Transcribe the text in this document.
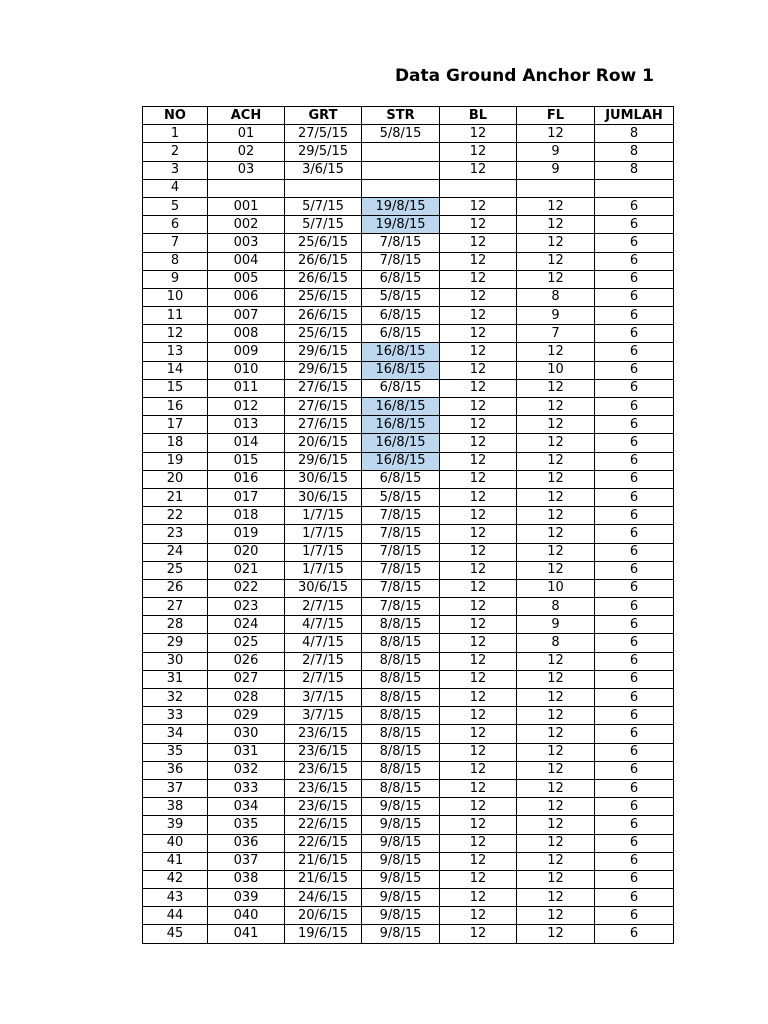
Data Ground Anchor Row 1
NO	ACH	GRT	STR	BL	FL	JUMLAH
1	01	27/5/15	5/8/15	12	12	8
2	02	29/5/15		12	9	8
3	03	3/6/15		12	9	8
4						
5	001	5/7/15	19/8/15	12	12	6
6	002	5/7/15	19/8/15	12	12	6
7	003	25/6/15	7/8/15	12	12	6
8	004	26/6/15	7/8/15	12	12	6
9	005	26/6/15	6/8/15	12	12	6
10	006	25/6/15	5/8/15	12	8	6
11	007	26/6/15	6/8/15	12	9	6
12	008	25/6/15	6/8/15	12	7	6
13	009	29/6/15	16/8/15	12	12	6
14	010	29/6/15	16/8/15	12	10	6
15	011	27/6/15	6/8/15	12	12	6
16	012	27/6/15	16/8/15	12	12	6
17	013	27/6/15	16/8/15	12	12	6
18	014	20/6/15	16/8/15	12	12	6
19	015	29/6/15	16/8/15	12	12	6
20	016	30/6/15	6/8/15	12	12	6
21	017	30/6/15	5/8/15	12	12	6
22	018	1/7/15	7/8/15	12	12	6
23	019	1/7/15	7/8/15	12	12	6
24	020	1/7/15	7/8/15	12	12	6
25	021	1/7/15	7/8/15	12	12	6
26	022	30/6/15	7/8/15	12	10	6
27	023	2/7/15	7/8/15	12	8	6
28	024	4/7/15	8/8/15	12	9	6
29	025	4/7/15	8/8/15	12	8	6
30	026	2/7/15	8/8/15	12	12	6
31	027	2/7/15	8/8/15	12	12	6
32	028	3/7/15	8/8/15	12	12	6
33	029	3/7/15	8/8/15	12	12	6
34	030	23/6/15	8/8/15	12	12	6
35	031	23/6/15	8/8/15	12	12	6
36	032	23/6/15	8/8/15	12	12	6
37	033	23/6/15	8/8/15	12	12	6
38	034	23/6/15	9/8/15	12	12	6
39	035	22/6/15	9/8/15	12	12	6
40	036	22/6/15	9/8/15	12	12	6
41	037	21/6/15	9/8/15	12	12	6
42	038	21/6/15	9/8/15	12	12	6
43	039	24/6/15	9/8/15	12	12	6
44	040	20/6/15	9/8/15	12	12	6
45	041	19/6/15	9/8/15	12	12	6
